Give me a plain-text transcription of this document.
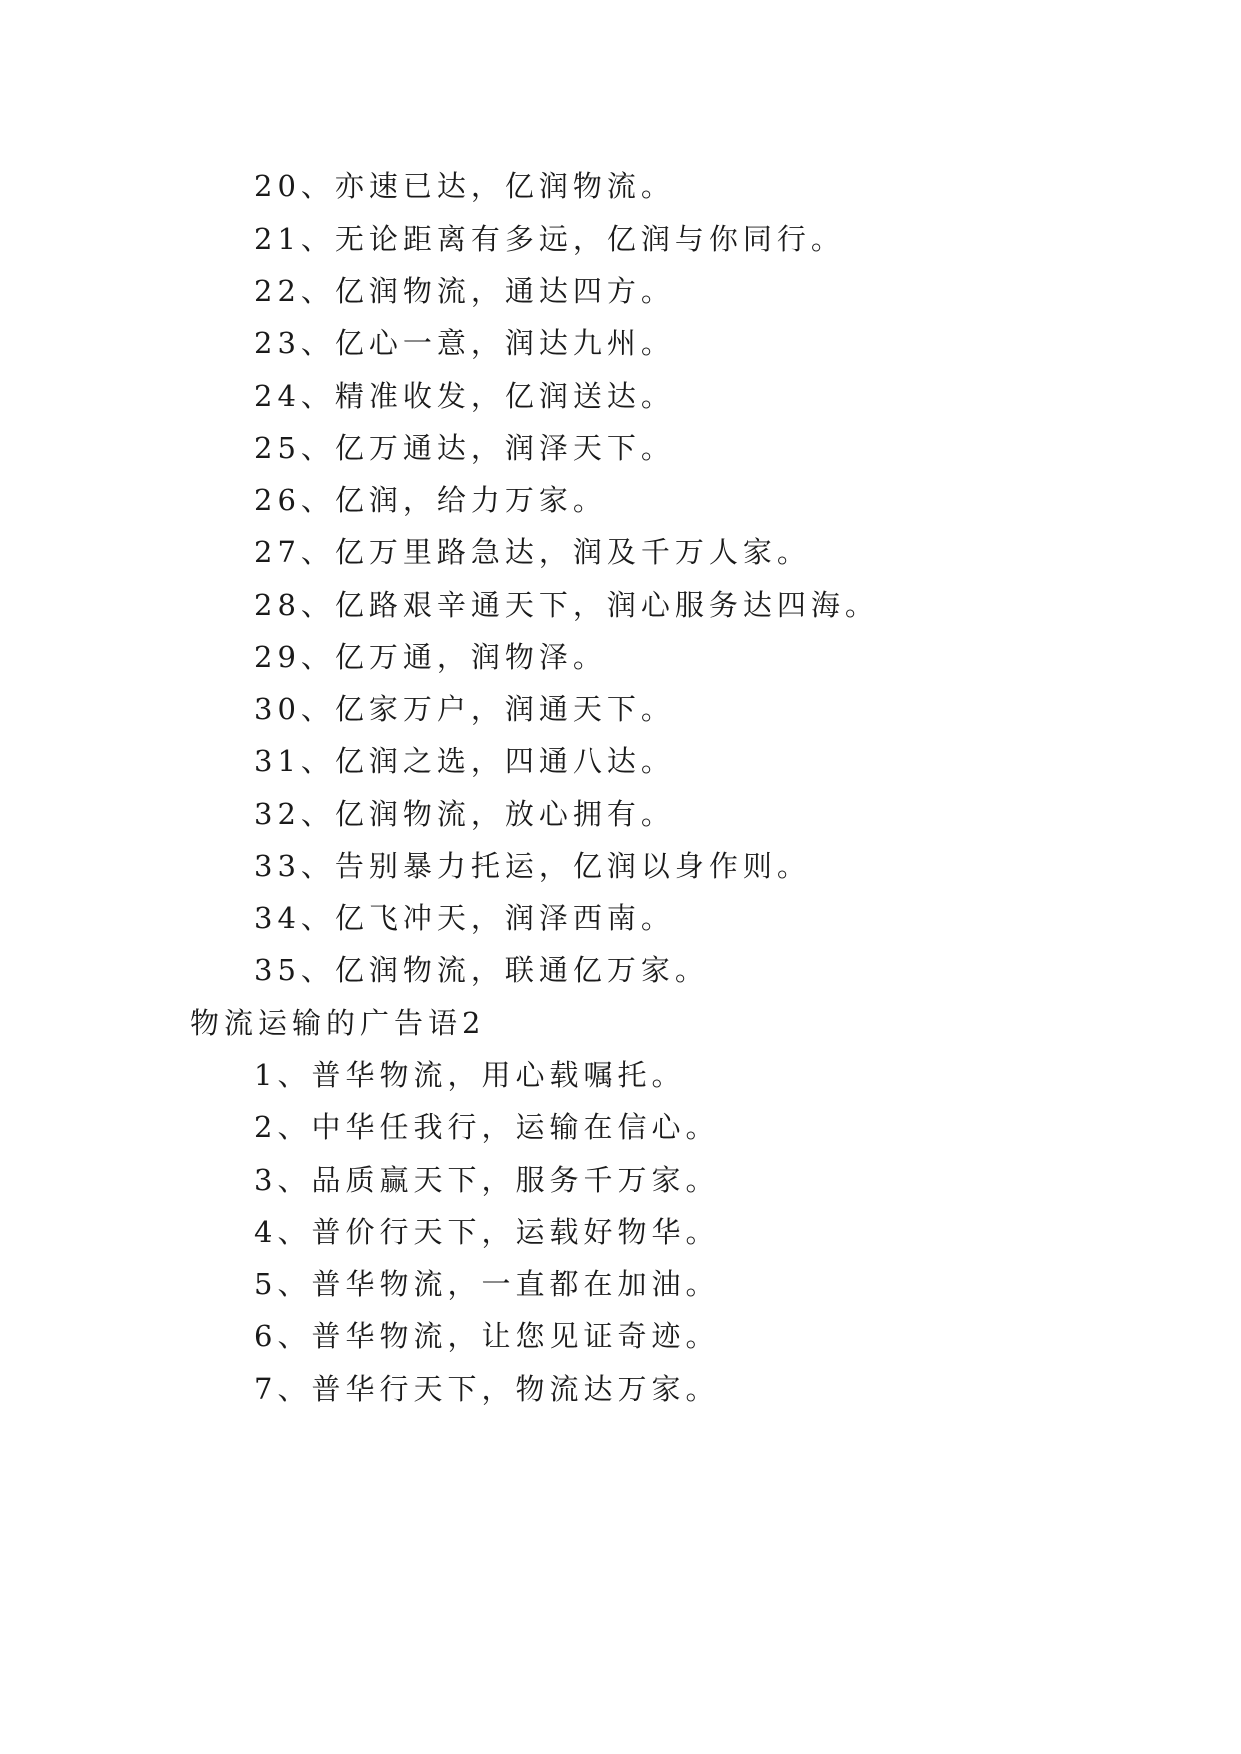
20、亦速已达，亿润物流。
21、无论距离有多远，亿润与你同行。
22、亿润物流，通达四方。
23、亿心一意，润达九州。
24、精准收发，亿润送达。
25、亿万通达，润泽天下。
26、亿润，给力万家。
27、亿万里路急达，润及千万人家。
28、亿路艰辛通天下，润心服务达四海。
29、亿万通，润物泽。
30、亿家万户，润通天下。
31、亿润之选，四通八达。
32、亿润物流，放心拥有。
33、告别暴力托运，亿润以身作则。
34、亿飞冲天，润泽西南。
35、亿润物流，联通亿万家。
物流运输的广告语2
1、普华物流，用心载嘱托。
2、中华任我行，运输在信心。
3、品质赢天下，服务千万家。
4、普价行天下，运载好物华。
5、普华物流，一直都在加油。
6、普华物流，让您见证奇迹。
7、普华行天下，物流达万家。
